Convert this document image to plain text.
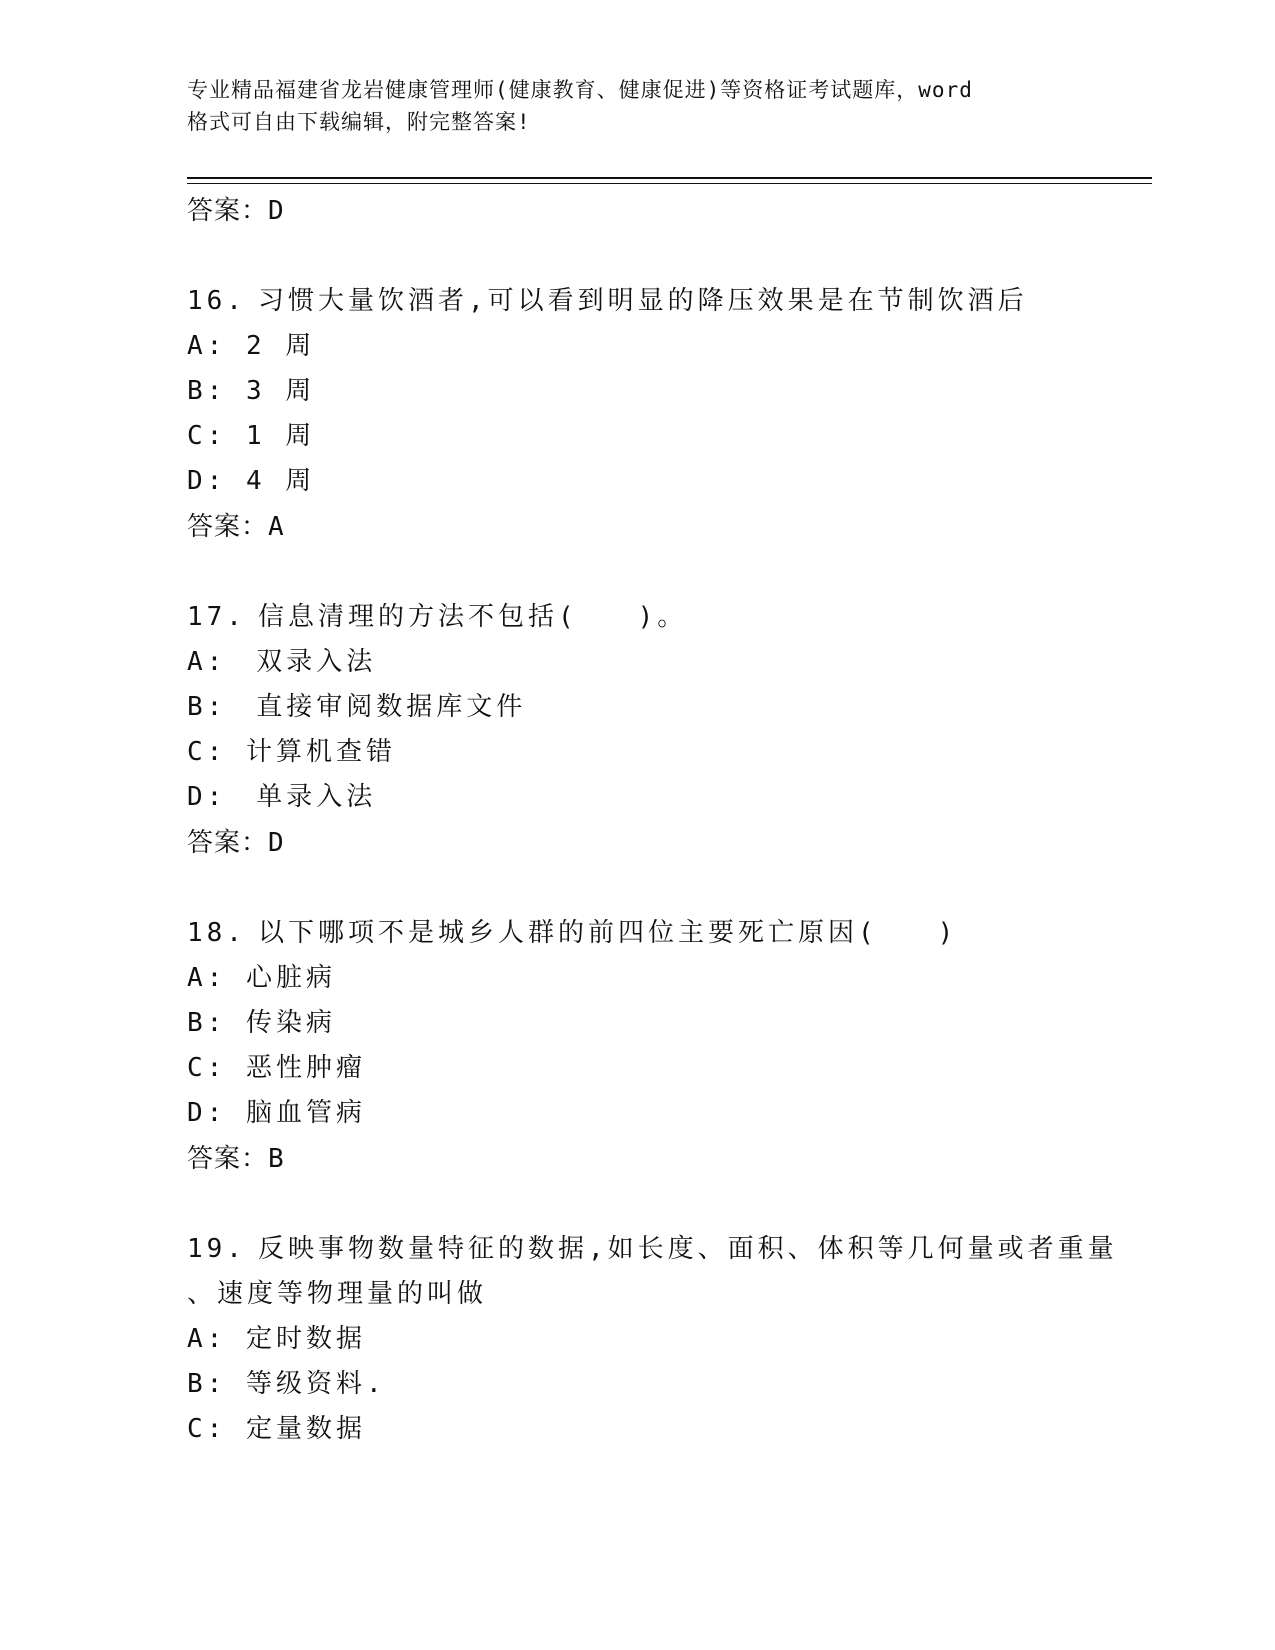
专业精品福建省龙岩健康管理师(健康教育、健康促进)等资格证考试题库，word
格式可自由下载编辑，附完整答案!
答案：D
16. 习惯大量饮酒者,可以看到明显的降压效果是在节制饮酒后
A: 2 周
B: 3 周
C: 1 周
D: 4 周
答案：A
17. 信息清理的方法不包括(　　)。
A:　双录入法
B:　直接审阅数据库文件
C: 计算机查错
D:　单录入法
答案：D
18. 以下哪项不是城乡人群的前四位主要死亡原因(　　)
A: 心脏病
B: 传染病
C: 恶性肿瘤
D: 脑血管病
答案：B
19. 反映事物数量特征的数据,如长度、面积、体积等几何量或者重量
、速度等物理量的叫做
A: 定时数据
B: 等级资料.
C: 定量数据
